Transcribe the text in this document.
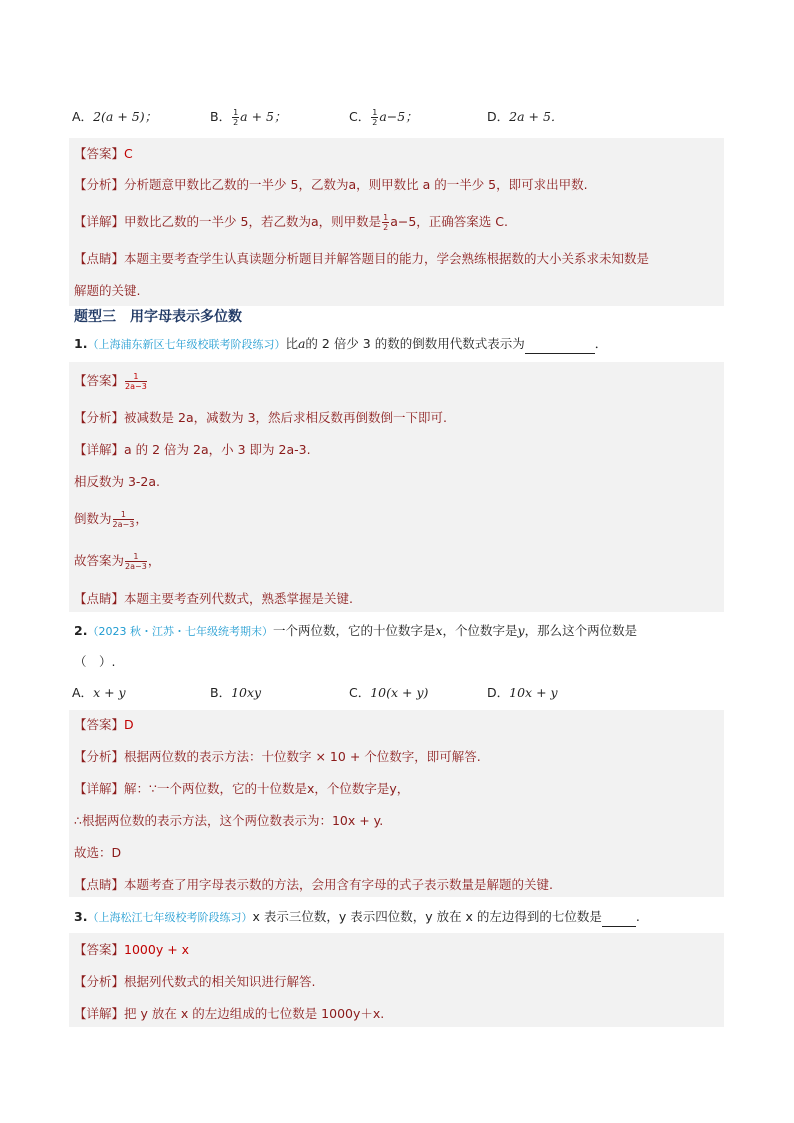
A．2(a + 5)；	B． $\frac{1}{2}$ a + 5；	C． $\frac{1}{2} a-5$；	D．2a + 5．
【答案】C
【分析】分析题意甲数比乙数的一半少 5，乙数为a，则甲数比 a 的一半少 5，即可求出甲数.
【详解】甲数比乙数的一半少 5，若乙数为a，则甲数是 $\frac{1}{2} a-5$，正确答案选 C.
【点睛】本题主要考查学生认真读题分析题目并解答题目的能力，学会熟练根据数的大小关系求未知数是
解题的关键.
题型三　用字母表示多位数
1.（上海浦东新区七年级校联考阶段练习）比a的 2 倍少 3 的数的倒数用代数式表示为	．
【答案】 $\frac{1}{2a-3}$
【分析】被减数是 2a，减数为 3，然后求相反数再倒数倒一下即可.
【详解】a 的 2 倍为 2a，小 3 即为 2a-3.
相反数为 3-2a.
倒数为 $\frac{1}{2a-3}$ ，
故答案为 $\frac{1}{2a-3}$ ，
【点睛】本题主要考查列代数式，熟悉掌握是关键.
2.（2023 秋・江苏・七年级统考期末）一个两位数，它的十位数字是x，个位数字是y，那么这个两位数是
（　）.
A．x + y	B．10xy	C．10(x + y)	D．10x + y
【答案】D
【分析】根据两位数的表示方法：十位数字 × 10 + 个位数字，即可解答.
【详解】解：∵一个两位数，它的十位数是x，个位数字是y，
∴根据两位数的表示方法，这个两位数表示为：10x + y.
故选：D
【点睛】本题考查了用字母表示数的方法，会用含有字母的式子表示数量是解题的关键.
3.（上海松江七年级校考阶段练习）x 表示三位数，y 表示四位数，y 放在 x 的左边得到的七位数是	.
【答案】1000y + x
【分析】根据列代数式的相关知识进行解答.
【详解】把 y 放在 x 的左边组成的七位数是 1000y＋x.
